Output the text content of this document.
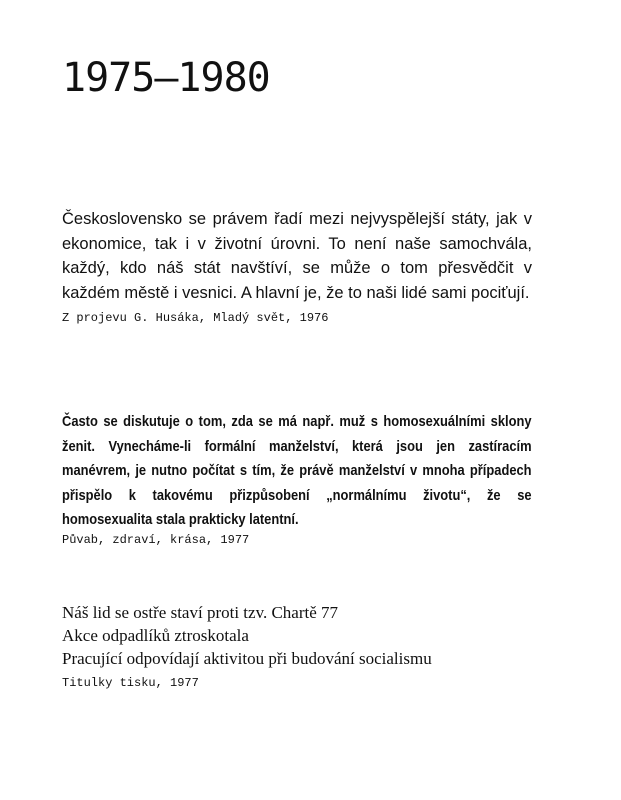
1975–1980

Československo se právem řadí mezi nejvyspělejší státy, jak v ekonomice, tak i v životní úrovni. To není naše samochvála, každý, kdo náš stát navštíví, se může o tom přesvědčit v každém městě i vesnici. A hlavní je, že to naši lidé sami pociťují.

Z projevu G. Husáka, Mladý svět, 1976

Často se diskutuje o tom, zda se má např. muž s homosexuálními sklony ženit. Vynecháme-li formální manželství, která jsou jen zastíracím manévrem, je nutno počítat s tím, že právě manželství v mnoha případech přispělo k takovému přizpůsobení „normálnímu životu“, že se homosexualita stala prakticky latentní.

Půvab, zdraví, krása, 1977
Náš lid se ostře staví proti tzv. Chartě 77
Akce odpadlíků ztroskotala
Pracující odpovídají aktivitou při budování socialismu
Titulky tisku, 1977
